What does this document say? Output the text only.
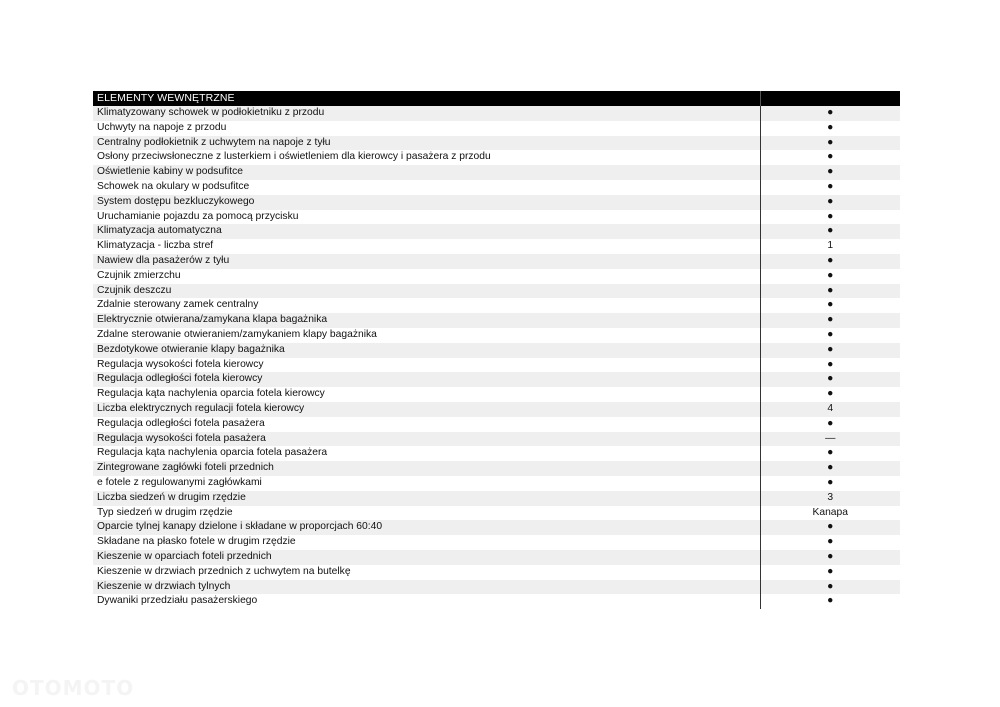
ELEMENTY WEWNĘTRZNE	
Klimatyzowany schowek w podłokietniku z przodu	●
Uchwyty na napoje z przodu	●
Centralny podłokietnik z uchwytem na napoje z tyłu	●
Osłony przeciwsłoneczne z lusterkiem i oświetleniem dla kierowcy i pasażera z przodu	●
Oświetlenie kabiny w podsufitce	●
Schowek na okulary w podsufitce	●
System dostępu bezkluczykowego	●
Uruchamianie pojazdu za pomocą przycisku	●
Klimatyzacja automatyczna	●
Klimatyzacja - liczba stref	1
Nawiew dla pasażerów z tyłu	●
Czujnik zmierzchu	●
Czujnik deszczu	●
Zdalnie sterowany zamek centralny	●
Elektrycznie otwierana/zamykana klapa bagażnika	●
Zdalne sterowanie otwieraniem/zamykaniem klapy bagażnika	●
Bezdotykowe otwieranie klapy bagażnika	●
Regulacja wysokości fotela kierowcy	●
Regulacja odległości fotela kierowcy	●
Regulacja kąta nachylenia oparcia fotela kierowcy	●
Liczba elektrycznych regulacji fotela kierowcy	4
Regulacja odległości fotela pasażera	●
Regulacja wysokości fotela pasażera	—
Regulacja kąta nachylenia oparcia fotela pasażera	●
Zintegrowane zagłówki foteli przednich	●
e fotele z regulowanymi zagłówkami	●
Liczba siedzeń w drugim rzędzie	3
Typ siedzeń w drugim rzędzie	Kanapa
Oparcie tylnej kanapy dzielone i składane w proporcjach 60:40	●
Składane na płasko fotele w drugim rzędzie	●
Kieszenie w oparciach foteli przednich	●
Kieszenie w drzwiach przednich z uchwytem na butelkę	●
Kieszenie w drzwiach tylnych	●
Dywaniki przedziału pasażerskiego	●
OTOMOTO
